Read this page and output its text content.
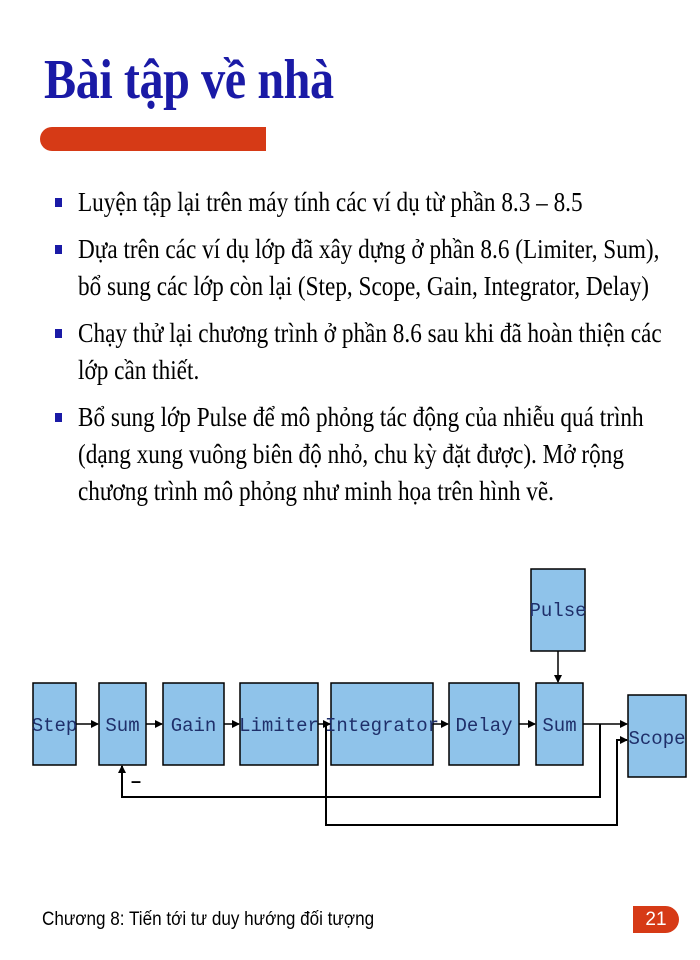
Bài tập về nhà
Luyện tập lại trên máy tính các ví dụ từ phần 8.3 – 8.5
Dựa trên các ví dụ lớp đã xây dựng ở phần 8.6 (Limiter, Sum), bổ sung các lớp còn lại (Step, Scope, Gain, Integrator, Delay)
Chạy thử lại chương trình ở phần 8.6 sau khi đã hoàn thiện các lớp cần thiết.
Bổ sung lớp Pulse để mô phỏng tác động của nhiễu quá trình (dạng xung vuông biên độ nhỏ, chu kỳ đặt được). Mở rộng chương trình mô phỏng như minh họa trên hình vẽ.
Step Sum Gain Limiter Integrator Delay Sum
Pulse
Scope
–
Chương 8: Tiến tới tư duy hướng đối tượng	21
